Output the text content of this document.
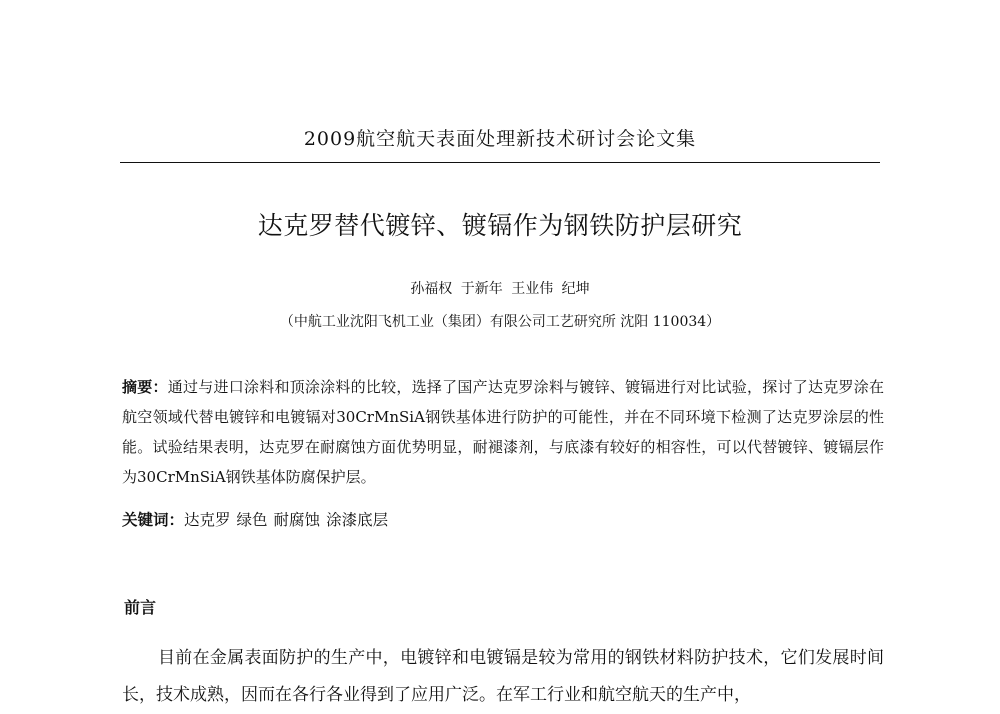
2009航空航天表面处理新技术研讨会论文集
达克罗替代镀锌、镀镉作为钢铁防护层研究
孙福权 于新年 王业伟 纪坤
（中航工业沈阳飞机工业（集团）有限公司工艺研究所 沈阳 110034）
摘要：通过与进口涂料和顶涂涂料的比较，选择了国产达克罗涂料与镀锌、镀镉进行对比试验，探讨了达克罗涂在航空领域代替电镀锌和电镀镉对30CrMnSiA钢铁基体进行防护的可能性，并在不同环境下检测了达克罗涂层的性能。试验结果表明，达克罗在耐腐蚀方面优势明显，耐褪漆剂，与底漆有较好的相容性，可以代替镀锌、镀镉层作为30CrMnSiA钢铁基体防腐保护层。
关键词：达克罗 绿色 耐腐蚀 涂漆底层
前言
目前在金属表面防护的生产中，电镀锌和电镀镉是较为常用的钢铁材料防护技术，它们发展时间长，技术成熟，因而在各行各业得到了应用广泛。在军工行业和航空航天的生产中，
